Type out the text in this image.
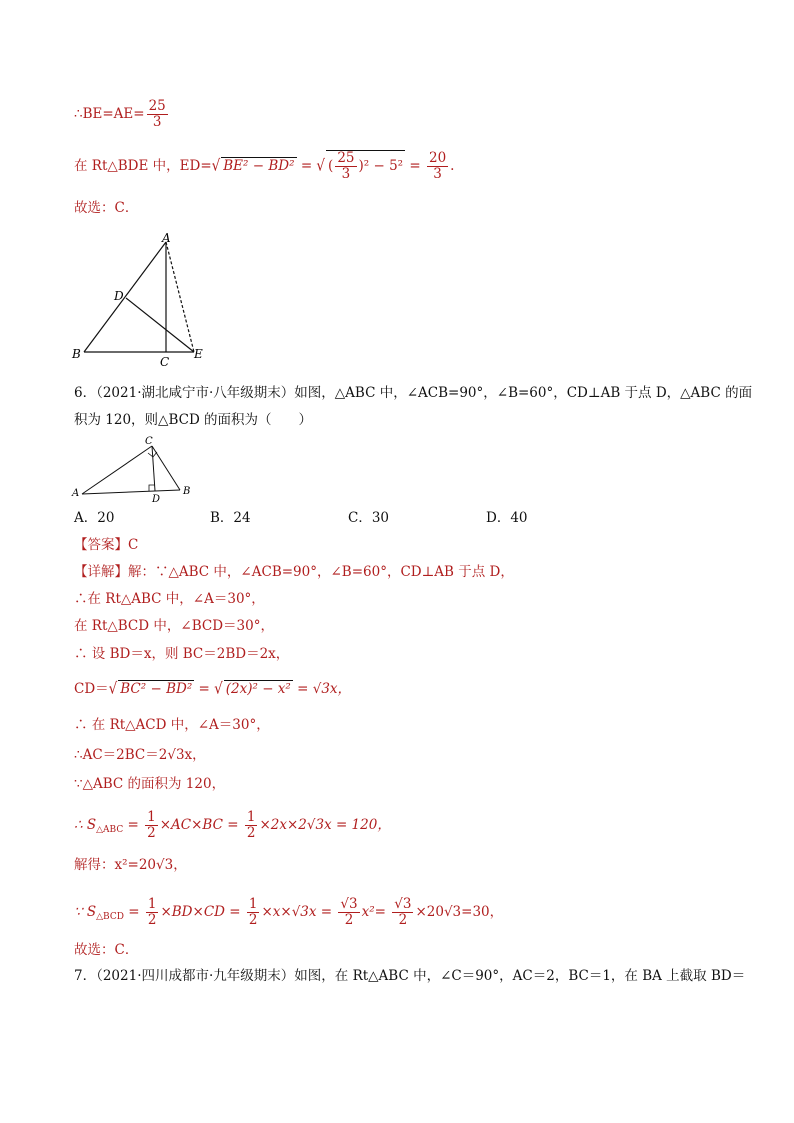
∴BE=AE= $\frac{25}{3}$
在 Rt△BDE 中，ED=√ BE² − BD² = √ ( $\frac{25}{3} )^2 - 5^2 = \frac{20}{3}$ .
故选：C．
A
B
C
D
E
6．（2021·湖北咸宁市·八年级期末）如图，△ABC 中，∠ACB=90°，∠B=60°，CD⊥AB 于点 D，△ABC 的面
积为 120，则△BCD 的面积为（　　）
A
C
B
D
A．20	B．24	C．30	D．40
【答案】C
【详解】解：∵△ABC 中，∠ACB=90°，∠B=60°，CD⊥AB 于点 D，
∴在 Rt△ABC 中，∠A＝30°，
在 Rt△BCD 中，∠BCD＝30°，
∴ 设 BD＝x，则 BC＝2BD＝2x，
CD＝√ BC² − BD² = √ (2x)² − x² = √3x，
∴ 在 Rt△ACD 中，∠A＝30°，
∴AC＝2BC＝2√3x，
∵△ABC 的面积为 120，
∴ $S_{\triangle ABC} = \frac{1}{2} \times AC\times BC = \frac{1}{2} \times 2x\times 2√3x = 120$，
解得：x²=20√3，
∵ $S_{\triangle BCD} = \frac{1}{2} \times BD\times CD = \frac{1}{2} \times x\times√3x = \frac{√3}{2} x^2= \frac{√3}{2} \times 20√3=30$，
故选：C．
7．（2021·四川成都市·九年级期末）如图，在 Rt△ABC 中，∠C＝90°，AC＝2，BC＝1，在 BA 上截取 BD＝
